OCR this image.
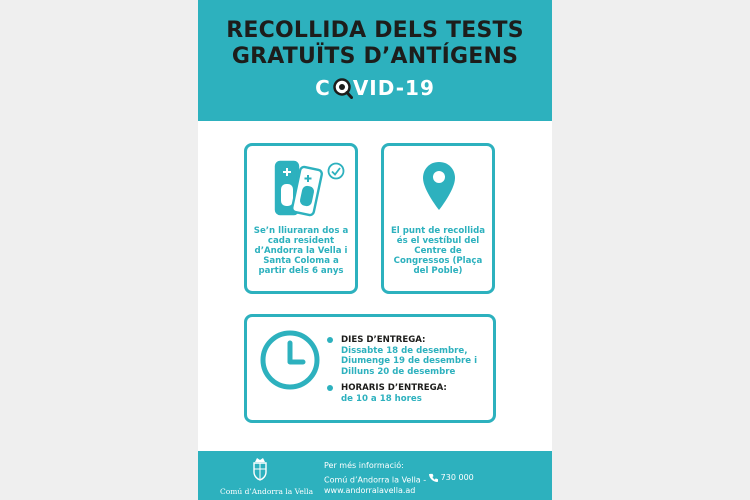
RECOLLIDA DELS TESTS
GRATUÏTS D’ANTÍGENS
C VID-19
Se’n lliuraran dos a cada resident d’Andorra la Vella i Santa Coloma a partir dels 6 anys
El punt de recollida és el vestíbul del Centre de Congressos (Plaça del Poble)
DIES D’ENTREGA:
Dissabte 18 de desembre,
Diumenge 19 de desembre i
Dilluns 20 de desembre
HORARIS D’ENTREGA:
de 10 a 18 hores
Comú d’Andorra la Vella
Per més informació:
Comú d’Andorra la Vella - 730 000
www.andorralavella.ad
